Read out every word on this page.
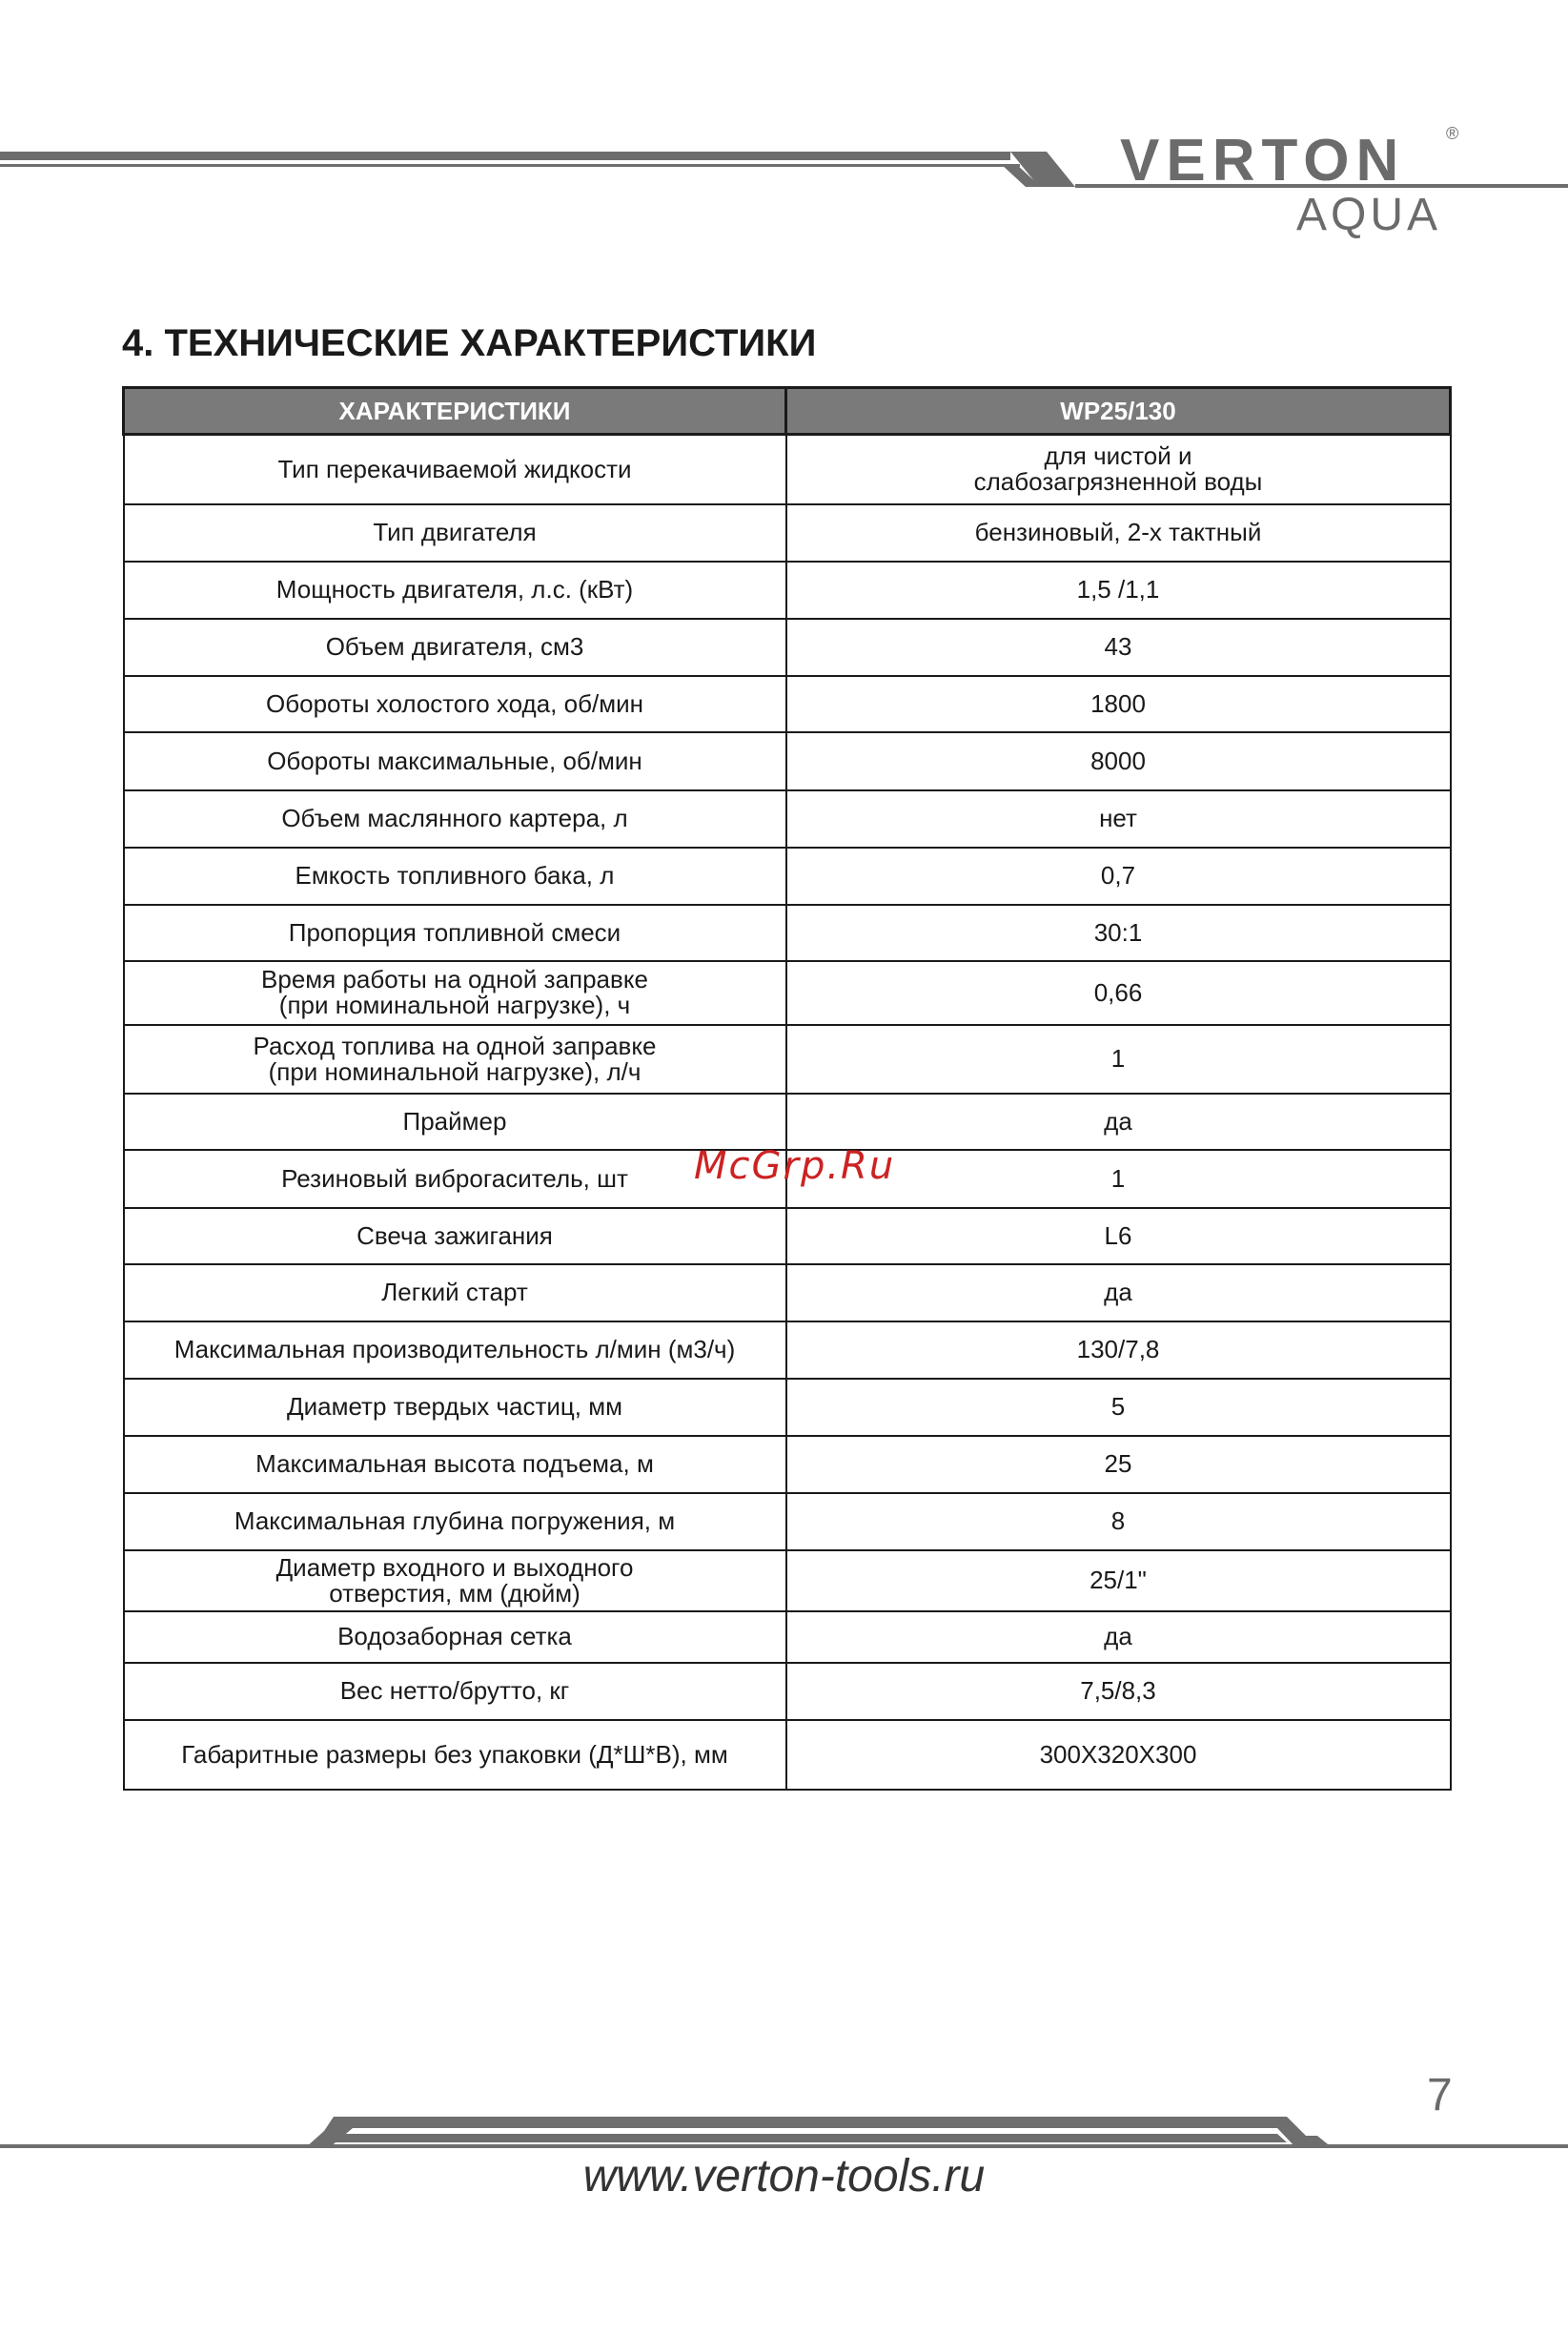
VERTON	®
AQUA
4. ТЕХНИЧЕСКИЕ ХАРАКТЕРИСТИКИ
ХАРАКТЕРИСТИКИ	WP25/130
Тип перекачиваемой жидкости	для чистой и
слабозагрязненной воды
Тип двигателя	бензиновый, 2-х тактный
Мощность двигателя, л.с. (кВт)	1,5 /1,1
Объем двигателя, см3	43
Обороты холостого хода, об/мин	1800
Обороты максимальные, об/мин	8000
Объем маслянного картера, л	нет
Емкость топливного бака, л	0,7
Пропорция топливной смеси	30:1
Время работы на одной заправке
(при номинальной нагрузке), ч	0,66
Расход топлива на одной заправке
(при номинальной нагрузке), л/ч	1
Праймер	да
Резиновый виброгаситель, шт	1
Свеча зажигания	L6
Легкий старт	да
Максимальная производительность л/мин (м3/ч)	130/7,8
Диаметр твердых частиц, мм	5
Максимальная высота подъема, м	25
Максимальная глубина погружения, м	8
Диаметр входного и выходного
отверстия, мм (дюйм)	25/1"
Водозаборная сетка	да
Вес нетто/брутто, кг	7,5/8,3
Габаритные размеры без упаковки (Д*Ш*В), мм	300X320X300
McGrp.Ru
7
www.verton-tools.ru
